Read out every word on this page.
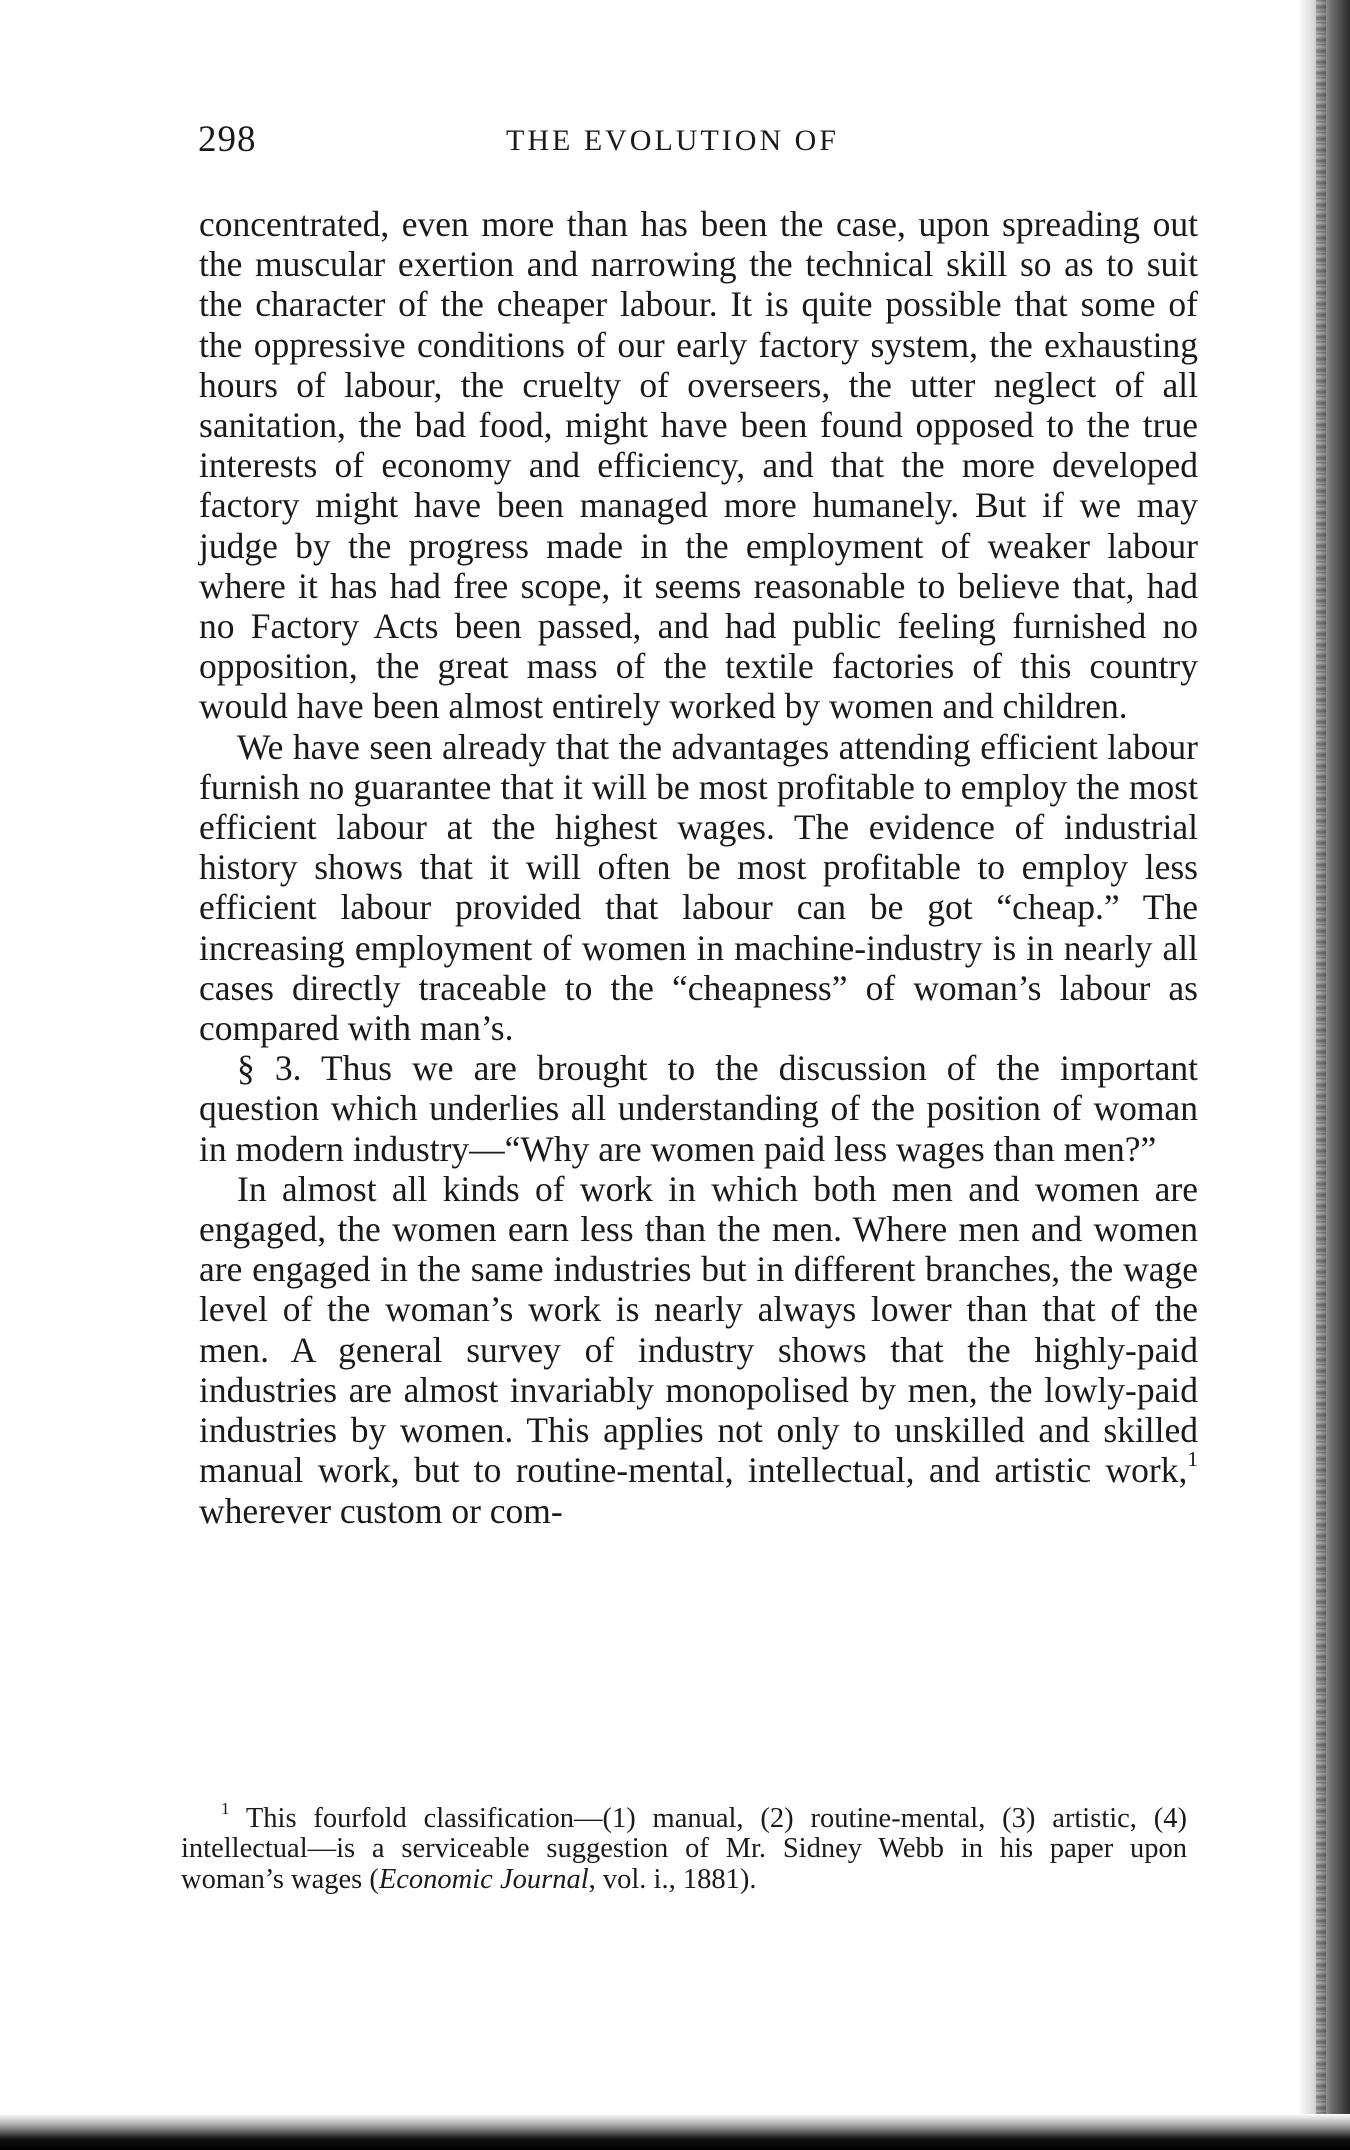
298	THE EVOLUTION OF

concentrated, even more than has been the case, upon spreading out the muscular exertion and narrowing the technical skill so as to suit the character of the cheaper labour. It is quite possible that some of the oppressive conditions of our early factory system, the exhausting hours of labour, the cruelty of overseers, the utter neglect of all sanitation, the bad food, might have been found opposed to the true interests of economy and efficiency, and that the more developed factory might have been managed more humanely. But if we may judge by the progress made in the employment of weaker labour where it has had free scope, it seems reasonable to believe that, had no Factory Acts been passed, and had public feeling furnished no opposition, the great mass of the textile factories of this country would have been almost entirely worked by women and children.

We have seen already that the advantages attending efficient labour furnish no guarantee that it will be most profitable to employ the most efficient labour at the highest wages. The evidence of industrial history shows that it will often be most profitable to employ less efficient labour provided that labour can be got “cheap.” The increasing employment of women in machine-industry is in nearly all cases directly traceable to the “cheapness” of woman’s labour as compared with man’s.

§ 3. Thus we are brought to the discussion of the important question which underlies all understanding of the position of woman in modern industry—“Why are women paid less wages than men?”

In almost all kinds of work in which both men and women are engaged, the women earn less than the men. Where men and women are engaged in the same industries but in different branches, the wage level of the woman’s work is nearly always lower than that of the men. A general survey of industry shows that the highly-paid industries are almost invariably monopolised by men, the lowly-paid industries by women. This applies not only to unskilled and skilled manual work, but to routine-mental, intellectual, and artistic work,$^1$ wherever custom or com-

$^1$ This fourfold classification—(1) manual, (2) routine-mental, (3) artistic, (4) intellectual—is a serviceable suggestion of Mr. Sidney Webb in his paper upon woman’s wages (Economic Journal, vol. i., 1881).
